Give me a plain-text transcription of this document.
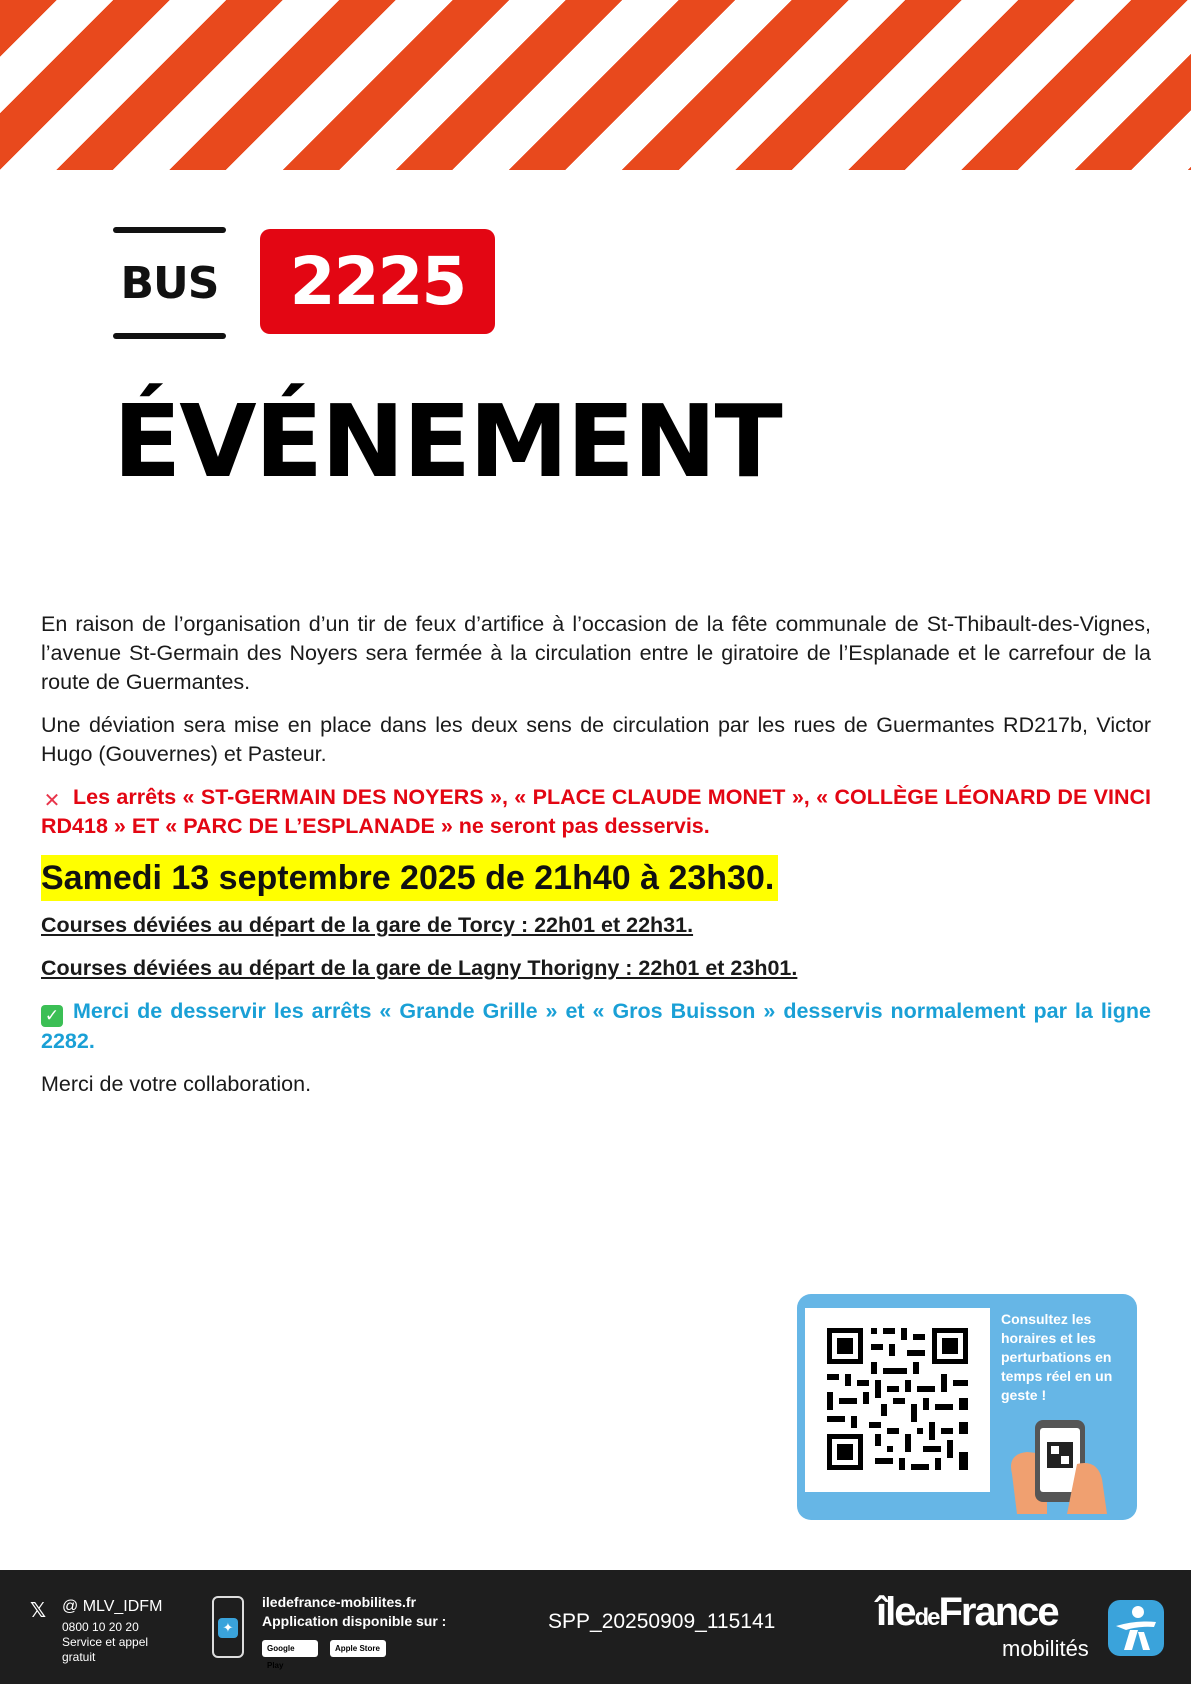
BUS	2225
ÉVÉNEMENT

En raison de l’organisation d’un tir de feux d’artifice à l’occasion de la fête communale de St-Thibault-des-Vignes, l’avenue St-Germain des Noyers sera fermée à la circulation entre le giratoire de l’Esplanade et le carrefour de la route de Guermantes.

Une déviation sera mise en place dans les deux sens de circulation par les rues de Guermantes RD217b, Victor Hugo (Gouvernes) et Pasteur.

✕ Les arrêts « ST-GERMAIN DES NOYERS », « PLACE CLAUDE MONET », « COLLÈGE LÉONARD DE VINCI RD418 » ET « PARC DE L’ESPLANADE » ne seront pas desservis.

Samedi 13 septembre 2025 de 21h40 à 23h30.

Courses déviées au départ de la gare de Torcy : 22h01 et 22h31.

Courses déviées au départ de la gare de Lagny Thorigny : 22h01 et 23h01.

✓ Merci de desservir les arrêts « Grande Grille » et « Gros Buisson » desservis normalement par la ligne 2282.

Merci de votre collaboration.

Consultez les horaires et les perturbations en temps réel en un geste !
𝕏 @ MLV_IDFM
0800 10 20 20
Service et appel gratuit
✦
iledefrance-mobilites.fr
Application disponible sur :
Google Play
Apple Store
SPP_20250909_115141	îledeFrance
mobilités
